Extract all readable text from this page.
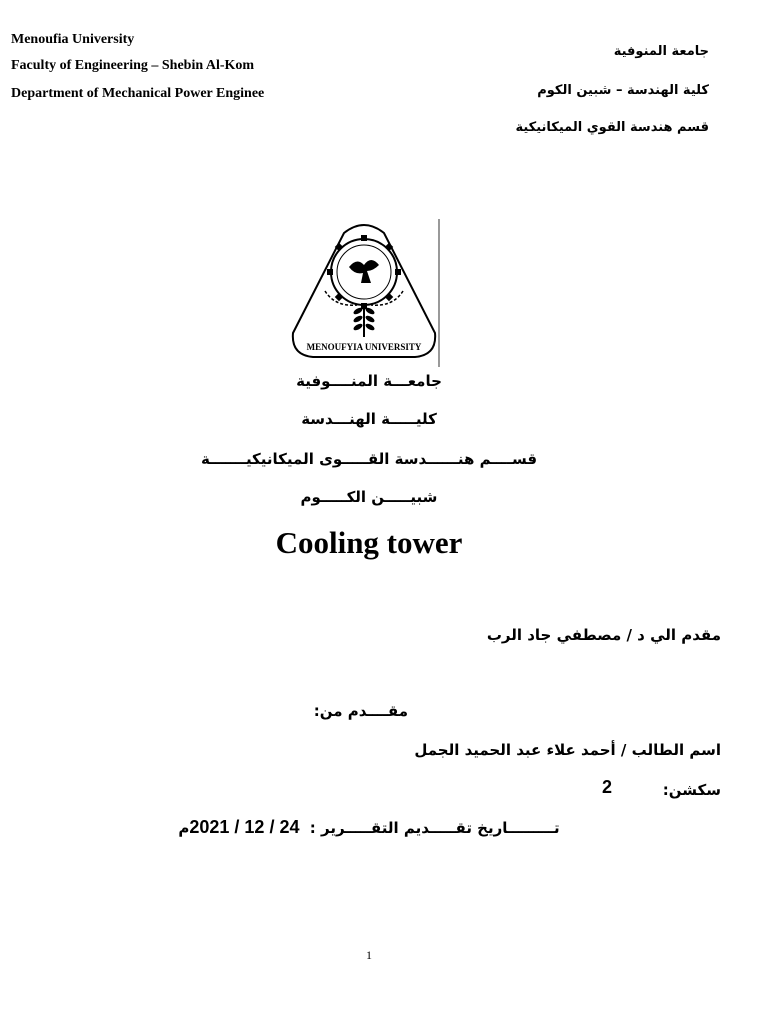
Menoufia University
Faculty of Engineering – Shebin Al-Kom
Department of Mechanical Power Enginee
جامعة المنوفية
كلية الهندسة – شبين الكوم
قسم هندسة القوي الميكانيكية
MENOUFYIA UNIVERSITY
جامعـــة المنــــوفية
كليـــــة الهنـــدسة
قســــم هنــــــدسة القـــــوى الميكانيكيـــــــة
شبيـــــن الكـــــوم
Cooling tower
مقدم الي د / مصطفي جاد الرب
مقــــدم من:
اسم الطالب / أحمد علاء عبد الحميد الجمل
سكشن:
2
تـــــــــاريخ تقـــــديم التقـــــرير : 2021 / 12 / 24 م
1
